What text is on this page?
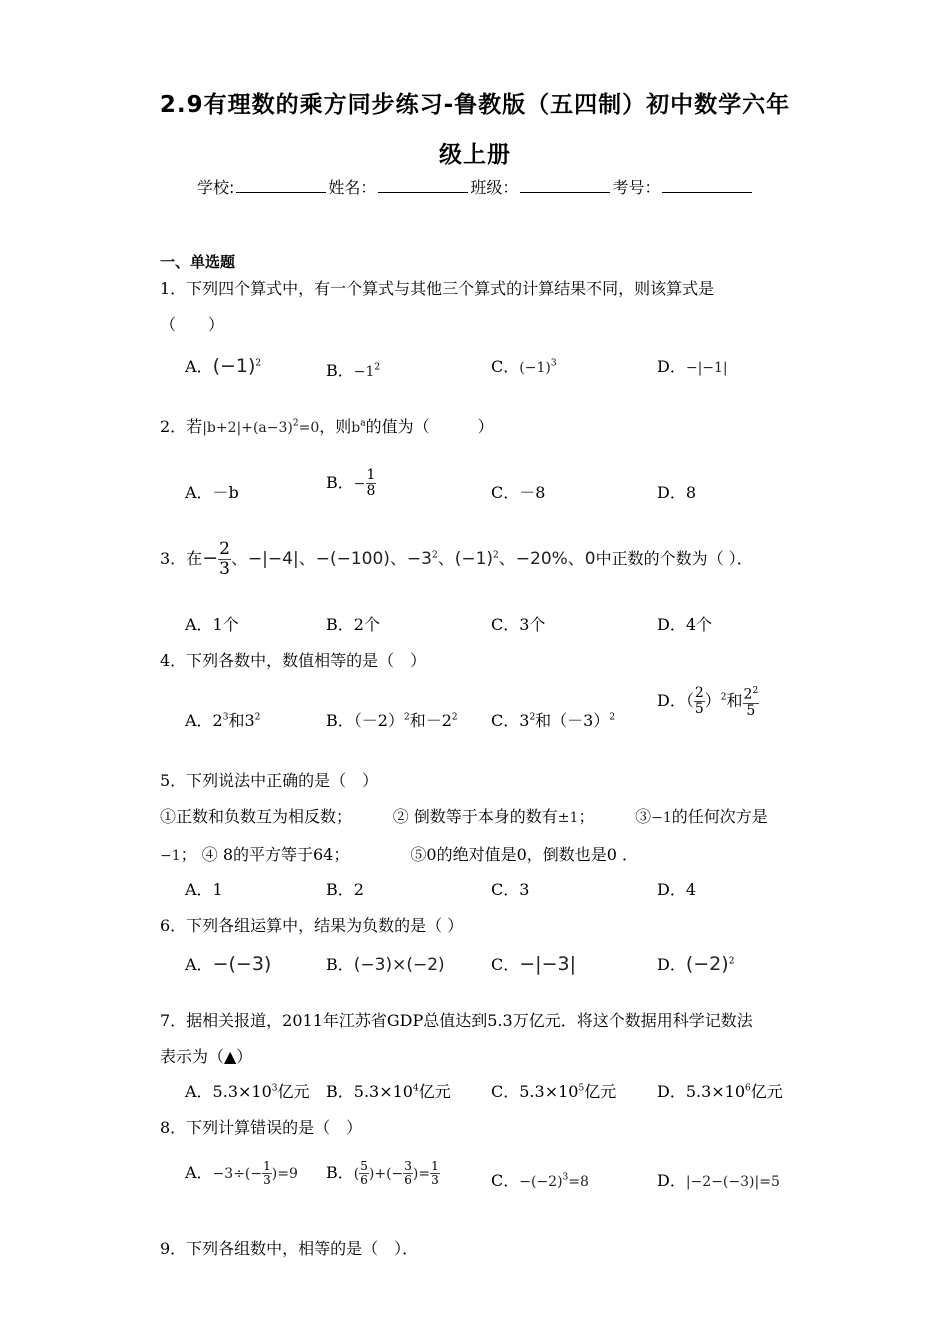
2.9有理数的乘方同步练习-鲁教版（五四制）初中数学六年
级上册
学校:	姓名：	班级：	考号：
一、单选题
1．下列四个算式中，有一个算式与其他三个算式的计算结果不同，则该算式是
（　　）
A．$(-1)^2$	B．$-1^2$	C．$(-1)^3$	D．−|−1|
2．若$|b+2|+(a-3)^2=0$，则$b^a$的值为（　　　）
A．－b
B．− $\frac{1}{8}$	C．－8	D．8
3．在− $\frac{2}{3}$ 、−|−4|、−(−100)、$-3^2$、$(-1)^2$、−20%、0中正数的个数为（ ）．
A．1个	B．2个	C．3个	D．4个
4．下列各数中，数值相等的是（　）
A．$2^3$和$3^2$	B．$(-2)^2$和$-2^2$ C．$3^2$和$(-3)^2$
D．（ $\frac{2}{5} )^2$和 $\frac{2^2}{5}$
5．下列说法中正确的是（　）
①正数和负数互为相反数；	② 倒数等于本身的数有±1；	③−1的任何次方是
−1； ④ 8的平方等于64；	⑤0的绝对值是0，倒数也是0 ．
A．1	B．2	C．3	D．4
6．下列各组运算中，结果为负数的是（ ）
A．−(−3)	B．(−3)×(−2)	C．−|−3|	D．$(-2)^2$
7．据相关报道，2011年江苏省GDP总值达到5.3万亿元．将这个数据用科学记数法
表示为（▲）
A．$5.3\times 10^3$亿元 B．$5.3\times 10^4$亿元	C．$5.3\times 10^5$亿元	D．$5.3\times 10^6$亿元
8．下列计算错误的是（　）
A．$-3\div(- \frac{1}{3} )=9$ B．( $\frac{5}{6}$ )+(− $\frac{3}{6}$ )= $\frac{1}{3}$	C．$-(-2)^3=8$	D．|−2−(−3)|=5
9．下列各组数中，相等的是（　）．
